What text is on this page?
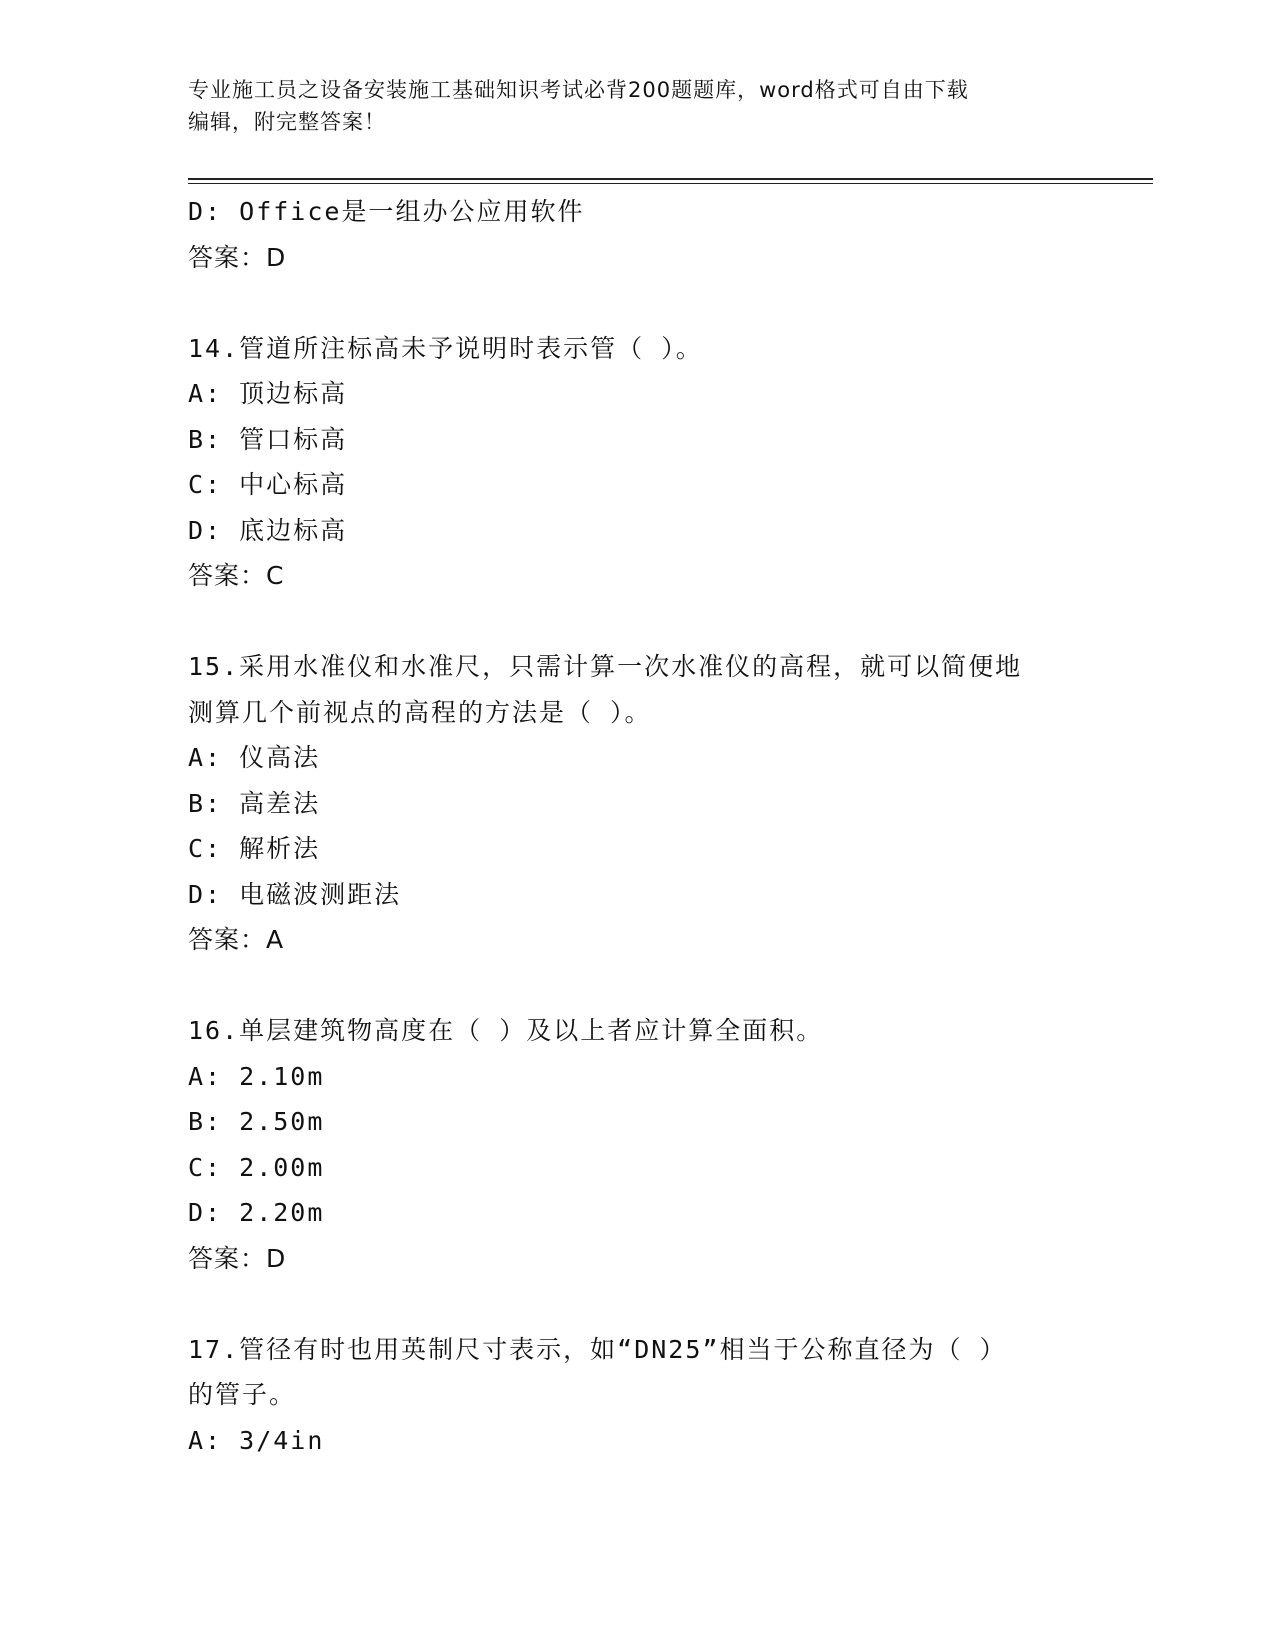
专业施工员之设备安装施工基础知识考试必背200题题库，word格式可自由下载
编辑，附完整答案！
D: Office是一组办公应用软件
答案：D
14.管道所注标高未予说明时表示管（ ）。
A: 顶边标高
B: 管口标高
C: 中心标高
D: 底边标高
答案：C
15.采用水准仪和水准尺，只需计算一次水准仪的高程，就可以简便地
测算几个前视点的高程的方法是（ ）。
A: 仪高法
B: 高差法
C: 解析法
D: 电磁波测距法
答案：A
16.单层建筑物高度在（ ）及以上者应计算全面积。
A: 2.10m
B: 2.50m
C: 2.00m
D: 2.20m
答案：D
17.管径有时也用英制尺寸表示，如“DN25”相当于公称直径为（ ）
的管子。
A: 3/4in
